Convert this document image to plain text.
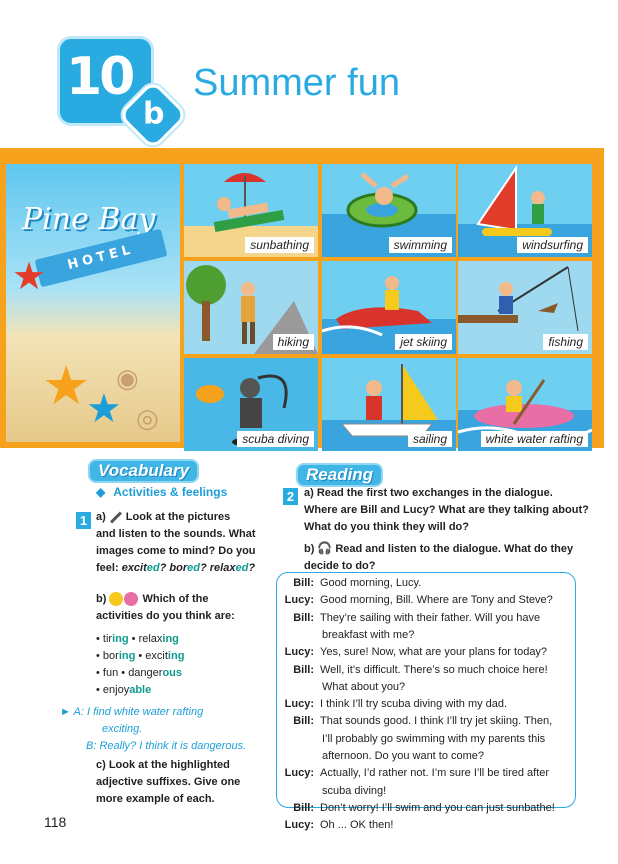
10
b
Summer fun
Pine Bay
HOTEL
★
★
★
◉
◎
sunbathing	swimming	windsurfing
hiking	jet skiing	fishing
scuba diving	sailing	white water rafting
Vocabulary
◆ Activities & feelings
1 a) Look at the pictures
and listen to the sounds. What
images come to mind? Do you
feel: excited? bored? relaxed?
b)	Which of the
activities do you think are:
• tiring • relaxing
• boring • exciting
• fun • dangerous
• enjoyable
► A: I find white water rafting
exciting.
B: Really? I think it is dangerous.
c) Look at the highlighted
adjective suffixes. Give one
more example of each.
Reading
2 a) Read the first two exchanges in the dialogue.
Where are Bill and Lucy? What are they talking about?
What do you think they will do?
b) 🎧 Read and listen to the dialogue. What do they
decide to do?
Bill: Good morning, Lucy.
Lucy: Good morning, Bill. Where are Tony and Steve?
Bill: They’re sailing with their father. Will you have
breakfast with me?
Lucy: Yes, sure! Now, what are your plans for today?
Bill: Well, it’s difficult. There’s so much choice here!
What about you?
Lucy: I think I’ll try scuba diving with my dad.
Bill: That sounds good. I think I’ll try jet skiing. Then,
I’ll probably go swimming with my parents this
afternoon. Do you want to come?
Lucy: Actually, I’d rather not. I’m sure I’ll be tired after
scuba diving!
Bill: Don’t worry! I’ll swim and you can just sunbathe!
Lucy: Oh ... OK then!
118
